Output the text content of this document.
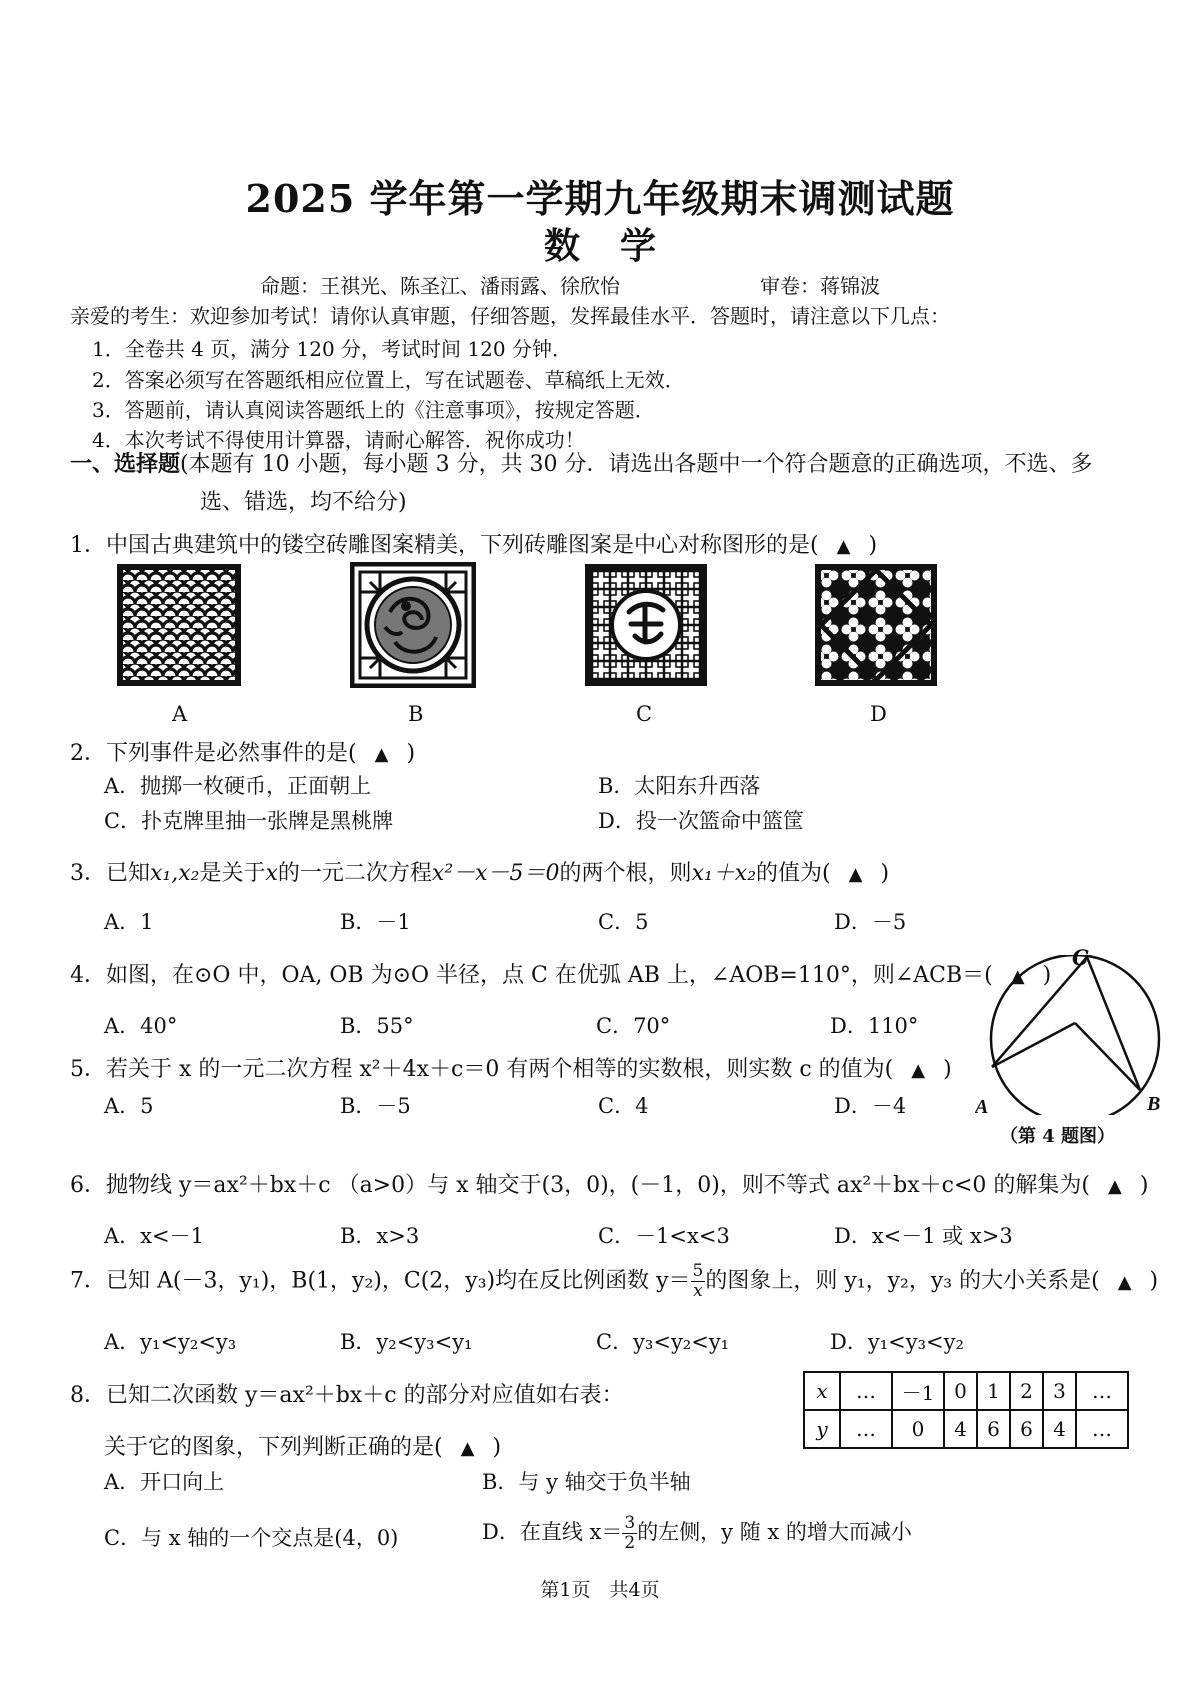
2025 学年第一学期九年级期末调测试题
数学
命题：王祺光、陈圣江、潘雨露、徐欣怡	审卷：蒋锦波
亲爱的考生：欢迎参加考试！请你认真审题，仔细答题，发挥最佳水平．答题时，请注意以下几点：
1．全卷共 4 页，满分 120 分，考试时间 120 分钟．
2．答案必须写在答题纸相应位置上，写在试题卷、草稿纸上无效．
3．答题前，请认真阅读答题纸上的《注意事项》，按规定答题．
4．本次考试不得使用计算器，请耐心解答．祝你成功！
一、选择题(本题有 10 小题，每小题 3 分，共 30 分．请选出各题中一个符合题意的正确选项，不选、多
选、错选，均不给分)
1．中国古典建筑中的镂空砖雕图案精美，下列砖雕图案是中心对称图形的是( ▲ )
A	B	C	D
2．下列事件是必然事件的是( ▲ )
A．抛掷一枚硬币，正面朝上	B．太阳东升西落
C．扑克牌里抽一张牌是黑桃牌	D．投一次篮命中篮筐
3．已知x₁,x₂是关于x的一元二次方程x²－x－5＝0的两个根，则x₁＋x₂的值为( ▲ )
A．1	B．－1	C．5	D．－5
4．如图，在⊙O 中，OA, OB 为⊙O 半径，点 C 在优弧 AB 上，∠AOB=110°，则∠ACB＝( ▲ )
A．40°	B．55°	C．70°	D．110°
A	B
C
（第 4 题图）
5．若关于 x 的一元二次方程 x²＋4x＋c＝0 有两个相等的实数根，则实数 c 的值为( ▲ )
A．5	B．－5	C．4	D．－4
6．抛物线 y＝ax²＋bx＋c （a>0）与 x 轴交于(3，0)，(－1，0)，则不等式 ax²＋bx＋c<0 的解集为( ▲ )
A．x<－1	B．x>3	C．－1<x<3	D．x<－1 或 x>3
7．已知 A(－3，y₁)，B(1，y₂)，C(2，y₃)均在反比例函数 $y= \frac{5}{x}$ 的图象上，则 y₁，y₂，y₃ 的大小关系是( ▲ )
A．y₁<y₂<y₃	B．y₂<y₃<y₁	C．y₃<y₂<y₁	D．y₁<y₃<y₂
8．已知二次函数 y＝ax²＋bx＋c 的部分对应值如右表：
关于它的图象，下列判断正确的是( ▲ )
A．开口向上	B．与 y 轴交于负半轴
C．与 x 轴的一个交点是(4，0)	D．在直线 $x= \frac{3}{2}$ 的左侧，y 随 x 的增大而减小
x	…	－1	0	1	2	3	…
y	…	0	4	6	6	4	…
第1页　共4页
